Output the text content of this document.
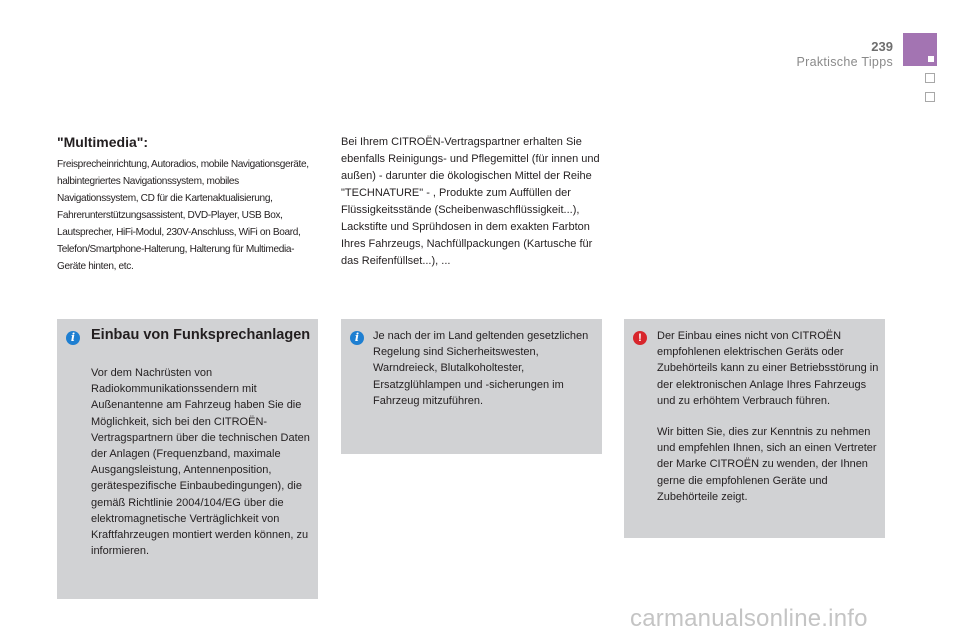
239
Praktische Tipps
"Multimedia":
Freisprecheinrichtung, Autoradios, mobile Navigationsgeräte, halbintegriertes Navigationssystem, mobiles Navigationssystem, CD für die Kartenaktualisierung, Fahrerunterstützungsassistent, DVD-Player, USB Box, Lautsprecher, HiFi-Modul, 230V-Anschluss, WiFi on Board, Telefon/Smartphone-Halterung, Halterung für Multimedia-Geräte hinten, etc.
Bei Ihrem CITROËN-Vertragspartner erhalten Sie ebenfalls Reinigungs- und Pflegemittel (für innen und außen) - darunter die ökologischen Mittel der Reihe "TECHNATURE" - , Produkte zum Auffüllen der Flüssigkeitsstände (Scheibenwaschflüssigkeit...), Lackstifte und Sprühdosen in dem exakten Farbton Ihres Fahrzeugs, Nachfüllpackungen (Kartusche für das Reifenfüllset...), ...
i	Einbau von Funksprechanlagen
Vor dem Nachrüsten von Radiokommunikationssendern mit Außenantenne am Fahrzeug haben Sie die Möglichkeit, sich bei den CITROËN-Vertragspartnern über die technischen Daten der Anlagen (Frequenzband, maximale Ausgangsleistung, Antennenposition, gerätespezifische Einbaubedingungen), die gemäß Richtlinie 2004/104/EG über die elektromagnetische Verträglichkeit von Kraftfahrzeugen montiert werden können, zu informieren.
i	Je nach der im Land geltenden gesetzlichen Regelung sind Sicherheitswesten, Warndreieck, Blutalkoholtester, Ersatzglühlampen und -sicherungen im Fahrzeug mitzuführen.
!	Der Einbau eines nicht von CITROËN empfohlenen elektrischen Geräts oder Zubehörteils kann zu einer Betriebsstörung in der elektronischen Anlage Ihres Fahrzeugs und zu erhöhtem Verbrauch führen.
Wir bitten Sie, dies zur Kenntnis zu nehmen und empfehlen Ihnen, sich an einen Vertreter der Marke CITROËN zu wenden, der Ihnen gerne die empfohlenen Geräte und Zubehörteile zeigt.
carmanualsonline.info
